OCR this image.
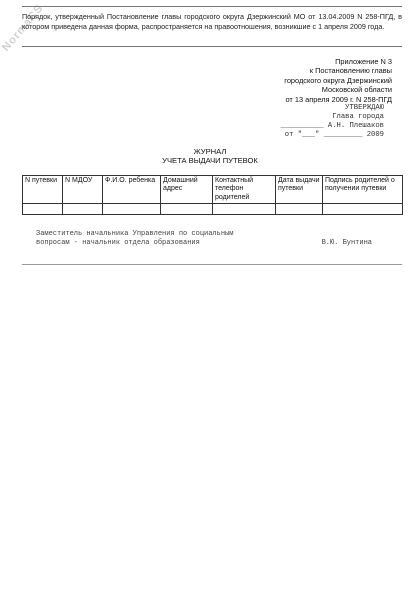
NormaCS
Порядок, утвержденный Постановление главы городского округа Дзержинский МО от 13.04.2009 N 258-ПГД, в котором приведена данная форма, распространяется на правоотношения, возникшие с 1 апреля 2009 года.
Приложение N 3
к Постановлению главы
городского округа Дзержинский
Московской области
от 13 апреля 2009 г. N 258-ПГД
УТВЕРЖДАЮ
Глава города
__________ А.Н. Плешаков
от "___" _________ 2009
ЖУРНАЛ
УЧЕТА ВЫДАЧИ ПУТЕВОК
N путевки	N МДОУ	Ф.И.О. ребенка	Домашний адрес	Контактный телефон родителей	Дата выдачи путевки	Подпись родителей о получении путевки

Заместитель начальника Управления по социальным
вопросам - начальник отдела образования	В.Ю. Бунтина
